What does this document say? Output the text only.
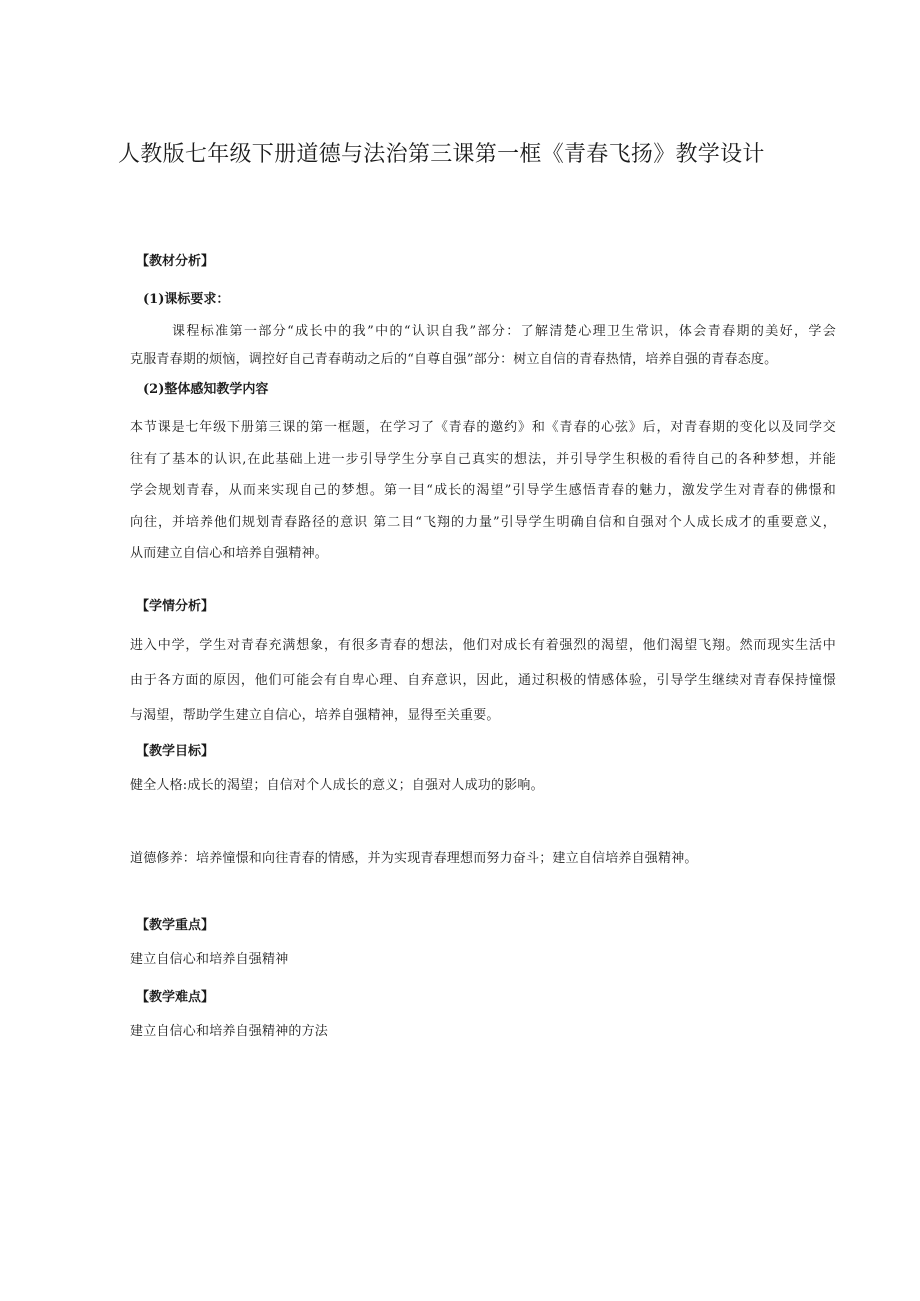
人教版七年级下册道德与法治第三课第一框《青春飞扬》教学设计
【教材分析】
(1)课标要求：
课程标准第一部分“成长中的我”中的“认识自我”部分：了解清楚心理卫生常识，体会青春期的美好，学会
克服青春期的烦恼，调控好自己青春萌动之后的“自尊自强”部分：树立自信的青春热情，培养自强的青春态度。
(2)整体感知教学内容
本节课是七年级下册第三课的第一框题，在学习了《青春的邀约》和《青春的心弦》后，对青春期的变化以及同学交
往有了基本的认识,在此基础上进一步引导学生分享自己真实的想法，并引导学生积极的看待自己的各种梦想，并能
学会规划青春，从而来实现自己的梦想。第一目“成长的渴望”引导学生感悟青春的魅力，激发学生对青春的佛憬和
向往，并培养他们规划青春路径的意识 第二目“飞翔的力量”引导学生明确自信和自强对个人成长成才的重要意义，
从而建立自信心和培养自强精神。
【学情分析】
进入中学，学生对青春充满想象，有很多青春的想法，他们对成长有着强烈的渴望，他们渴望飞翔。然而现实生活中
由于各方面的原因，他们可能会有自卑心理、自弃意识，因此，通过积极的情感体验，引导学生继续对青春保持憧憬
与渴望，帮助学生建立自信心，培养自强精神，显得至关重要。
【教学目标】
健全人格:成长的渴望；自信对个人成长的意义；自强对人成功的影响。
道德修养：培养憧憬和向往青春的情感，并为实现青春理想而努力奋斗；建立自信培养自强精神。
【教学重点】
建立自信心和培养自强精神
【教学难点】
建立自信心和培养自强精神的方法
